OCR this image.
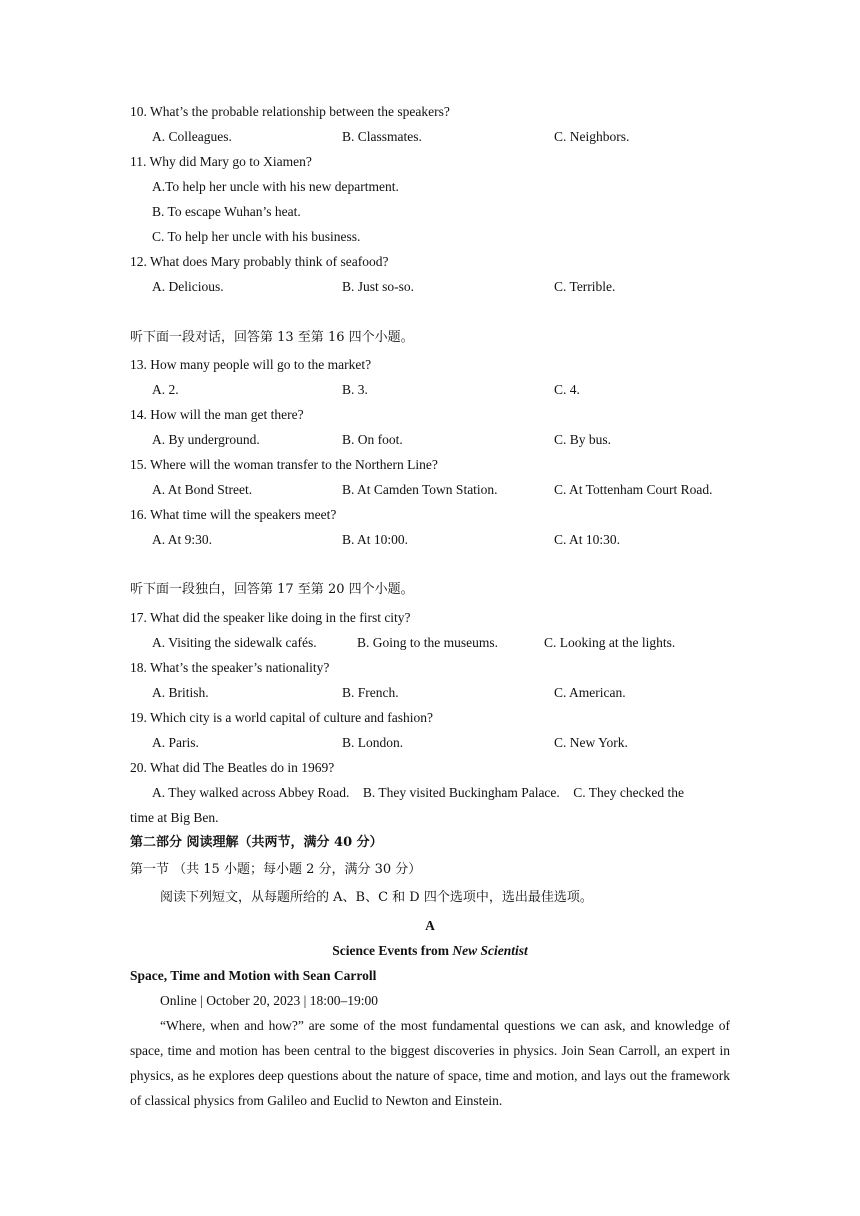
10. What’s the probable relationship between the speakers?
A. Colleagues.	B. Classmates.	C. Neighbors.
11. Why did Mary go to Xiamen?
A.To help her uncle with his new department.
B. To escape Wuhan’s heat.
C. To help her uncle with his business.
12. What does Mary probably think of seafood?
A. Delicious.	B. Just so-so.	C. Terrible.
听下面一段对话，回答第 13 至第 16 四个小题。
13. How many people will go to the market?
A. 2.	B. 3.	C. 4.
14. How will the man get there?
A. By underground.	B. On foot.	C. By bus.
15. Where will the woman transfer to the Northern Line?
A. At Bond Street.	B. At Camden Town Station.	C. At Tottenham Court Road.
16. What time will the speakers meet?
A. At 9:30.	B. At 10:00.	C. At 10:30.
听下面一段独白，回答第 17 至第 20 四个小题。
17. What did the speaker like doing in the first city?
A. Visiting the sidewalk cafés.	B. Going to the museums.	C. Looking at the lights.
18. What’s the speaker’s nationality?
A. British.	B. French.	C. American.
19. Which city is a world capital of culture and fashion?
A. Paris.	B. London.	C. New York.
20. What did The Beatles do in 1969?
A. They walked across Abbey Road.    B. They visited Buckingham Palace.    C. They checked the
time at Big Ben.
第二部分 阅读理解（共两节，满分 40 分）
第一节 （共 15 小题；每小题 2 分，满分 30 分）
阅读下列短文，从每题所给的 A、B、C 和 D 四个选项中，选出最佳选项。
A
Science Events from New Scientist
Space, Time and Motion with Sean Carroll
Online | October 20, 2023 | 18:00–19:00
“Where, when and how?” are some of the most fundamental questions we can ask, and knowledge of space, time and motion has been central to the biggest discoveries in physics. Join Sean Carroll, an expert in physics, as he explores deep questions about the nature of space, time and motion, and lays out the framework of classical physics from Galileo and Euclid to Newton and Einstein.
